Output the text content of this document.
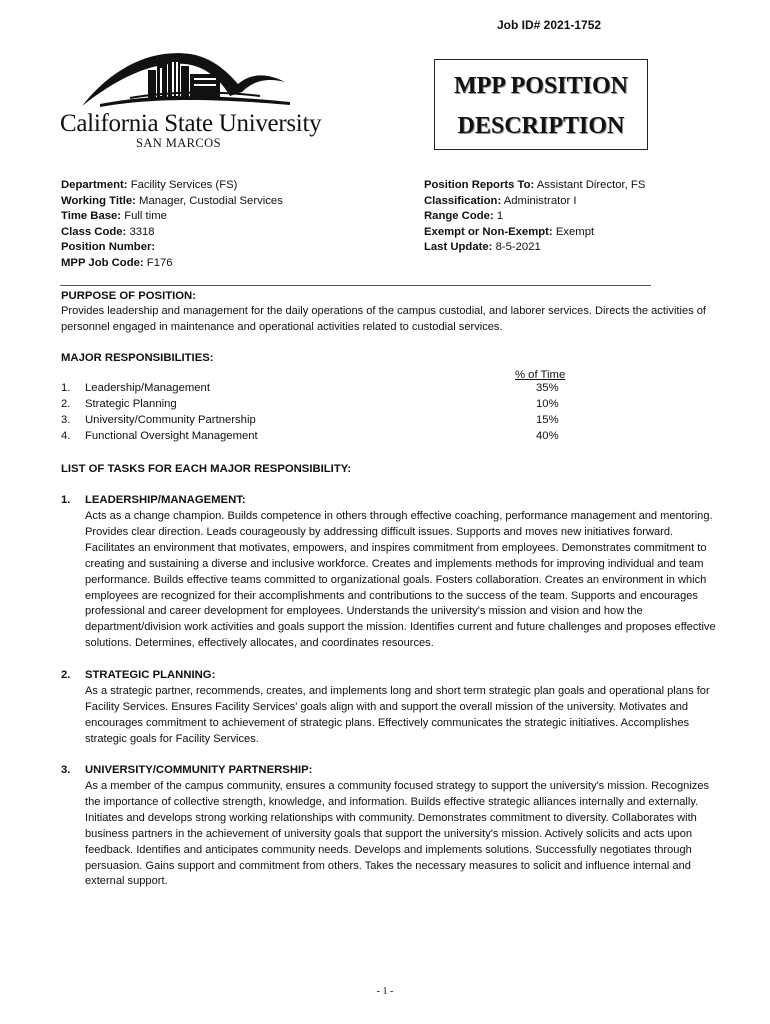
Job ID# 2021-1752
California State University
SAN MARCOS
MPP POSITION
DESCRIPTION
Department: Facility Services (FS)
Working Title: Manager, Custodial Services
Time Base: Full time
Class Code: 3318
Position Number:
MPP Job Code: F176
Position Reports To: Assistant Director, FS
Classification: Administrator I
Range Code: 1
Exempt or Non-Exempt: Exempt
Last Update: 8-5-2021
PURPOSE OF POSITION:
Provides leadership and management for the daily operations of the campus custodial, and laborer services. Directs the activities of personnel engaged in maintenance and operational activities related to custodial services.
MAJOR RESPONSIBILITIES:
% of Time
1. Leadership/Management	35%
2. Strategic Planning	10%
3. University/Community Partnership	15%
4. Functional Oversight Management	40%
LIST OF TASKS FOR EACH MAJOR RESPONSIBILITY:
1. LEADERSHIP/MANAGEMENT:
Acts as a change champion. Builds competence in others through effective coaching, performance management and mentoring. Provides clear direction. Leads courageously by addressing difficult issues. Supports and moves new initiatives forward. Facilitates an environment that motivates, empowers, and inspires commitment from employees. Demonstrates commitment to creating and sustaining a diverse and inclusive workforce. Creates and implements methods for improving individual and team performance. Builds effective teams committed to organizational goals. Fosters collaboration. Creates an environment in which employees are recognized for their accomplishments and contributions to the success of the team. Supports and encourages professional and career development for employees. Understands the university's mission and vision and how the department/division work activities and goals support the mission. Identifies current and future challenges and proposes effective solutions. Determines, effectively allocates, and coordinates resources.
2. STRATEGIC PLANNING:
As a strategic partner, recommends, creates, and implements long and short term strategic plan goals and operational plans for Facility Services. Ensures Facility Services' goals align with and support the overall mission of the university. Motivates and encourages commitment to achievement of strategic plans. Effectively communicates the strategic initiatives. Accomplishes strategic goals for Facility Services.
3. UNIVERSITY/COMMUNITY PARTNERSHIP:
As a member of the campus community, ensures a community focused strategy to support the university's mission. Recognizes the importance of collective strength, knowledge, and information. Builds effective strategic alliances internally and externally. Initiates and develops strong working relationships with community. Demonstrates commitment to diversity. Collaborates with business partners in the achievement of university goals that support the university's mission. Actively solicits and acts upon feedback. Identifies and anticipates community needs. Develops and implements solutions. Successfully negotiates through persuasion. Gains support and commitment from others. Takes the necessary measures to solicit and influence internal and external support.
- 1 -
